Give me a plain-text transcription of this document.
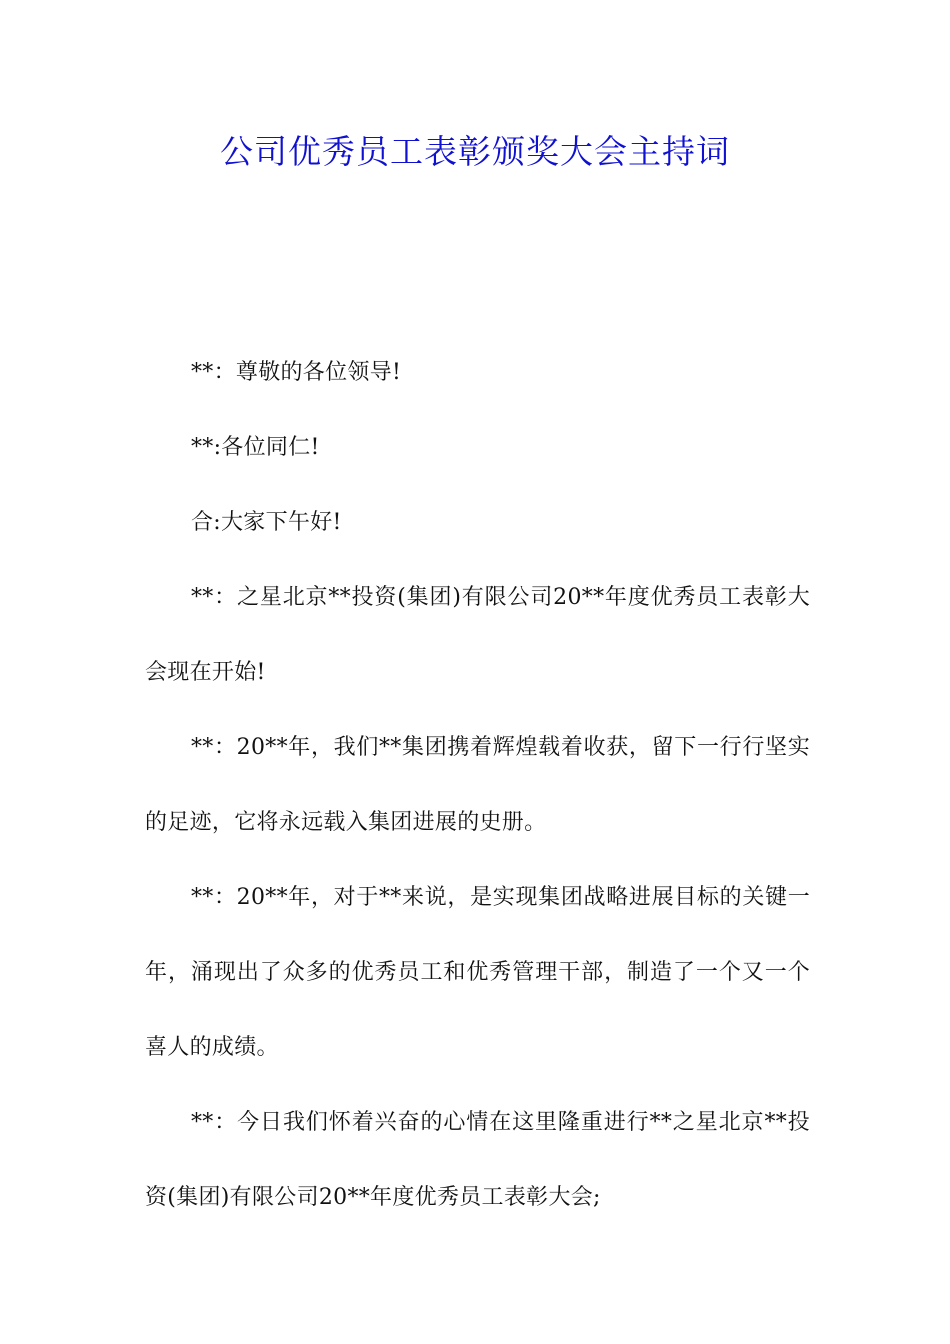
公司优秀员工表彰颁奖大会主持词

**：尊敬的各位领导!

**:各位同仁!

合:大家下午好!

**：之星北京**投资(集团)有限公司20**年度优秀员工表彰大会现在开始!

**：20**年，我们**集团携着辉煌载着收获，留下一行行坚实的足迹，它将永远载入集团进展的史册。

**：20**年，对于**来说，是实现集团战略进展目标的关键一年，涌现出了众多的优秀员工和优秀管理干部，制造了一个又一个喜人的成绩。

**：今日我们怀着兴奋的心情在这里隆重进行**之星北京**投资(集团)有限公司20**年度优秀员工表彰大会;
